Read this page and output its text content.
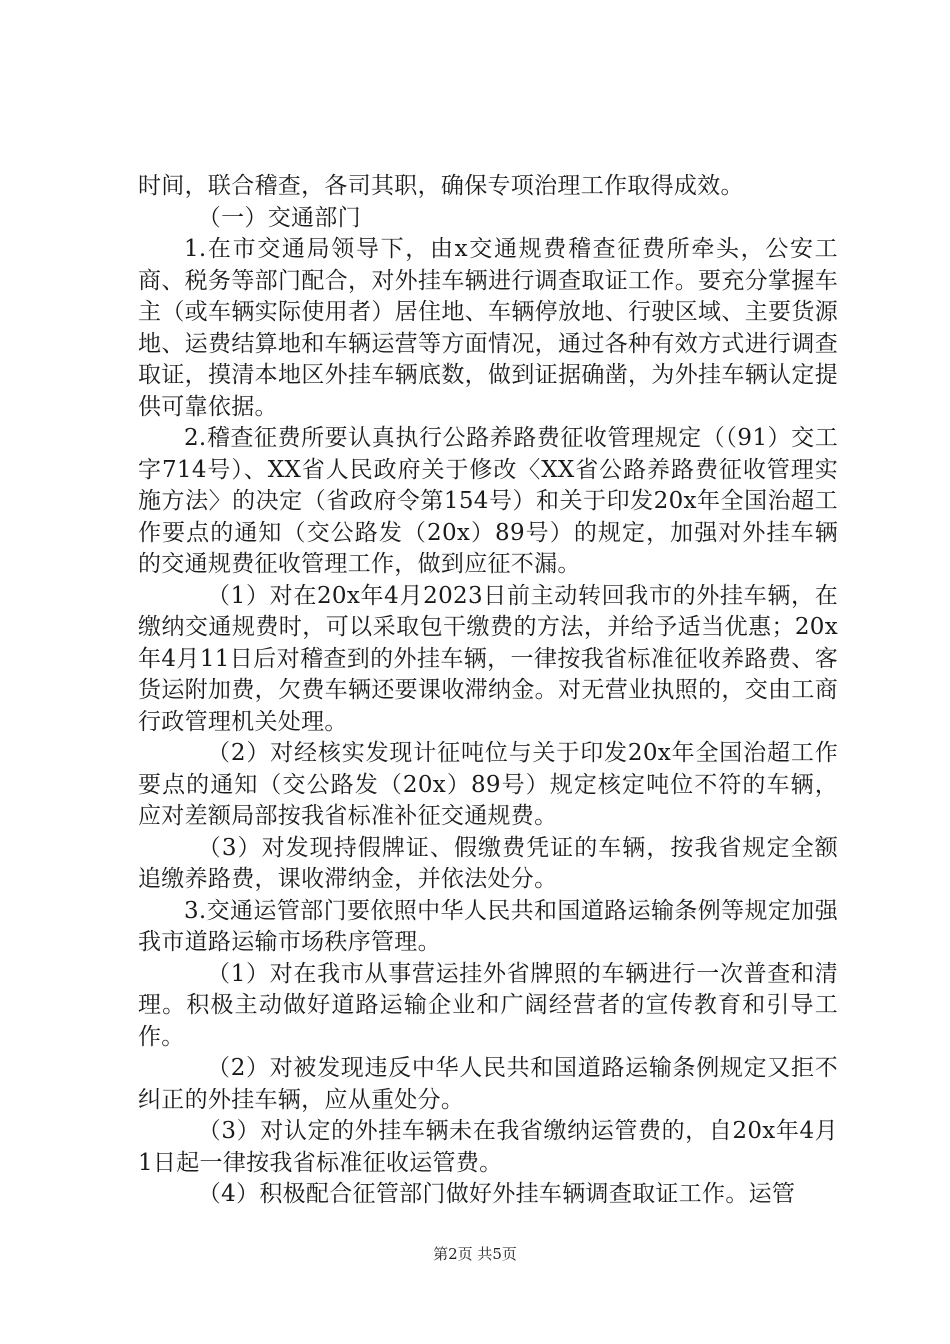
时间，联合稽查，各司其职，确保专项治理工作取得成效。

（一）交通部门

1.在市交通局领导下，由x交通规费稽查征费所牵头，公安工商、税务等部门配合，对外挂车辆进行调查取证工作。要充分掌握车主（或车辆实际使用者）居住地、车辆停放地、行驶区域、主要货源地、运费结算地和车辆运营等方面情况，通过各种有效方式进行调查取证，摸清本地区外挂车辆底数，做到证据确凿，为外挂车辆认定提供可靠依据。

2.稽查征费所要认真执行公路养路费征收管理规定（（91）交工字714号）、XX省人民政府关于修改〈XX省公路养路费征收管理实施方法〉的决定（省政府令第154号）和关于印发20x年全国治超工作要点的通知（交公路发（20x）89号）的规定，加强对外挂车辆的交通规费征收管理工作，做到应征不漏。

（1）对在20x年4月2023日前主动转回我市的外挂车辆，在缴纳交通规费时，可以采取包干缴费的方法，并给予适当优惠；20x年4月11日后对稽查到的外挂车辆，一律按我省标准征收养路费、客货运附加费，欠费车辆还要课收滞纳金。对无营业执照的，交由工商行政管理机关处理。

（2）对经核实发现计征吨位与关于印发20x年全国治超工作要点的通知（交公路发（20x）89号）规定核定吨位不符的车辆，应对差额局部按我省标准补征交通规费。

（3）对发现持假牌证、假缴费凭证的车辆，按我省规定全额追缴养路费，课收滞纳金，并依法处分。

3.交通运管部门要依照中华人民共和国道路运输条例等规定加强我市道路运输市场秩序管理。

（1）对在我市从事营运挂外省牌照的车辆进行一次普查和清理。积极主动做好道路运输企业和广阔经营者的宣传教育和引导工作。

（2）对被发现违反中华人民共和国道路运输条例规定又拒不纠正的外挂车辆，应从重处分。

（3）对认定的外挂车辆未在我省缴纳运管费的，自20x年4月1日起一律按我省标准征收运管费。

（4）积极配合征管部门做好外挂车辆调查取证工作。运管

第2页 共5页
